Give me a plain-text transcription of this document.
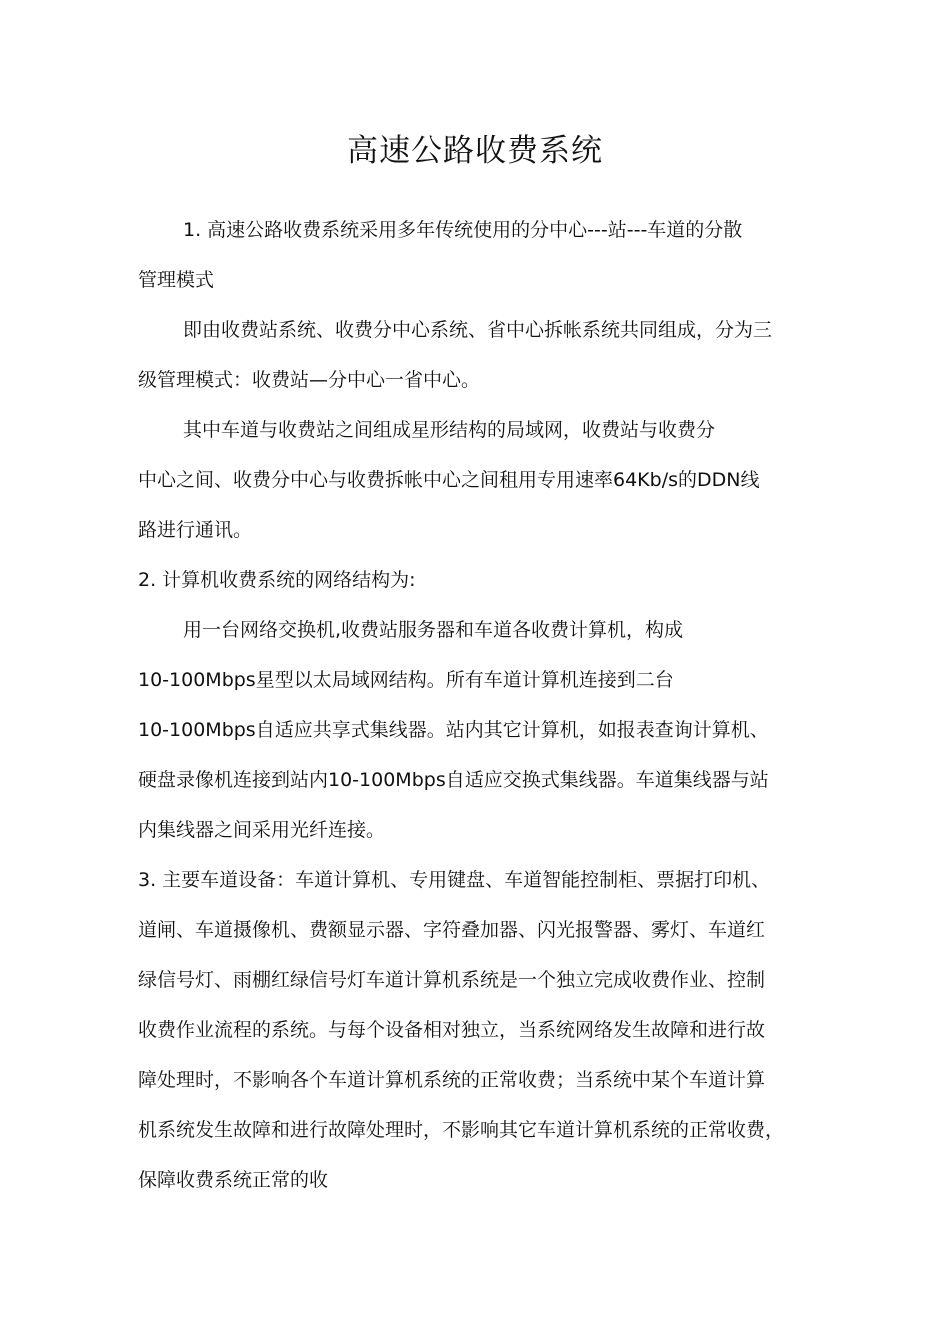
高速公路收费系统
1. 高速公路收费系统采用多年传统使用的分中心---站---车道的分散
管理模式
即由收费站系统、收费分中心系统、省中心拆帐系统共同组成，分为三
级管理模式：收费站—分中心一省中心。
其中车道与收费站之间组成星形结构的局域网，收费站与收费分
中心之间、收费分中心与收费拆帐中心之间租用专用速率64Kb/s的DDN线
路进行通讯。
2. 计算机收费系统的网络结构为:
用一台网络交换机,收费站服务器和车道各收费计算机，构成
10-100Mbps星型以太局域网结构。所有车道计算机连接到二台
10-100Mbps自适应共享式集线器。站内其它计算机，如报表查询计算机、
硬盘录像机连接到站内10-100Mbps自适应交换式集线器。车道集线器与站
内集线器之间采用光纤连接。
3. 主要车道设备：车道计算机、专用键盘、车道智能控制柜、票据打印机、
道闸、车道摄像机、费额显示器、字符叠加器、闪光报警器、雾灯、车道红
绿信号灯、雨棚红绿信号灯车道计算机系统是一个独立完成收费作业、控制
收费作业流程的系统。与每个设备相对独立，当系统网络发生故障和进行故
障处理时，不影响各个车道计算机系统的正常收费；当系统中某个车道计算
机系统发生故障和进行故障处理时，不影响其它车道计算机系统的正常收费，
保障收费系统正常的收
